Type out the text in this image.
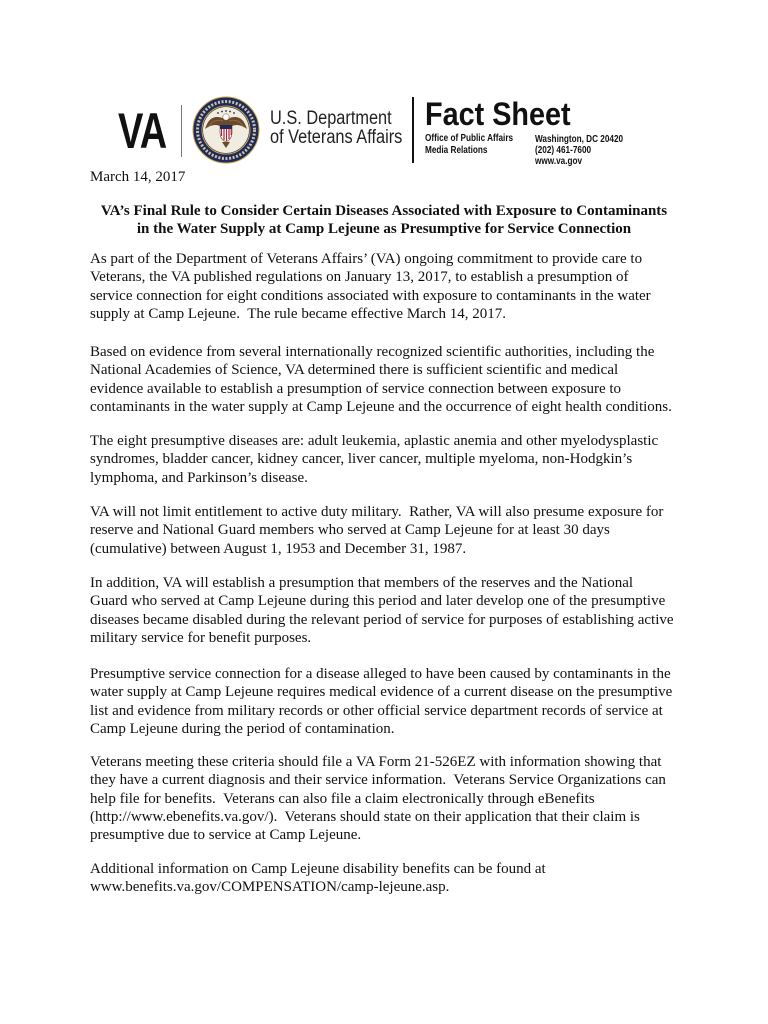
VA	U.S. Department
of Veterans Affairs
Fact Sheet
Office of Public Affairs
Media Relations
Washington, DC 20420
(202) 461-7600
www.va.gov
March 14, 2017
VA’s Final Rule to Consider Certain Diseases Associated with Exposure to Contaminants
in the Water Supply at Camp Lejeune as Presumptive for Service Connection
As part of the Department of Veterans Affairs’ (VA) ongoing commitment to provide care to
Veterans, the VA published regulations on January 13, 2017, to establish a presumption of
service connection for eight conditions associated with exposure to contaminants in the water
supply at Camp Lejeune.  The rule became effective March 14, 2017.
Based on evidence from several internationally recognized scientific authorities, including the
National Academies of Science, VA determined there is sufficient scientific and medical
evidence available to establish a presumption of service connection between exposure to
contaminants in the water supply at Camp Lejeune and the occurrence of eight health conditions.
The eight presumptive diseases are: adult leukemia, aplastic anemia and other myelodysplastic
syndromes, bladder cancer, kidney cancer, liver cancer, multiple myeloma, non-Hodgkin’s
lymphoma, and Parkinson’s disease.
VA will not limit entitlement to active duty military.  Rather, VA will also presume exposure for
reserve and National Guard members who served at Camp Lejeune for at least 30 days
(cumulative) between August 1, 1953 and December 31, 1987.
In addition, VA will establish a presumption that members of the reserves and the National
Guard who served at Camp Lejeune during this period and later develop one of the presumptive
diseases became disabled during the relevant period of service for purposes of establishing active
military service for benefit purposes.
Presumptive service connection for a disease alleged to have been caused by contaminants in the
water supply at Camp Lejeune requires medical evidence of a current disease on the presumptive
list and evidence from military records or other official service department records of service at
Camp Lejeune during the period of contamination.
Veterans meeting these criteria should file a VA Form 21-526EZ with information showing that
they have a current diagnosis and their service information.  Veterans Service Organizations can
help file for benefits.  Veterans can also file a claim electronically through eBenefits
(http://www.ebenefits.va.gov/).  Veterans should state on their application that their claim is
presumptive due to service at Camp Lejeune.
Additional information on Camp Lejeune disability benefits can be found at
www.benefits.va.gov/COMPENSATION/camp-lejeune.asp.
